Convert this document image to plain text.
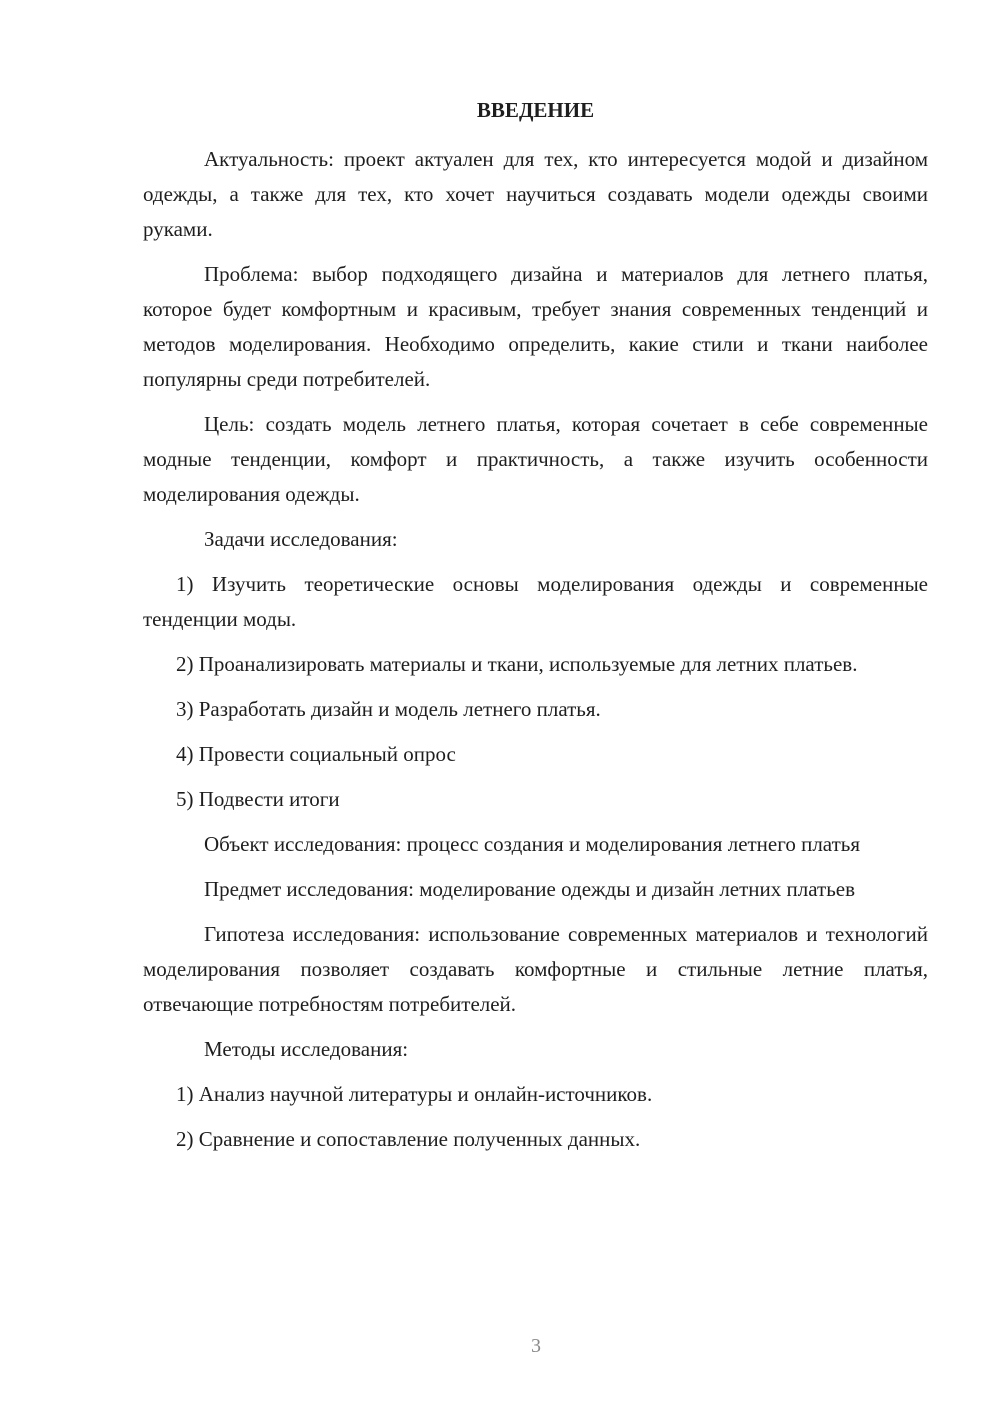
ВВЕДЕНИЕ

Актуальность: проект актуален для тех, кто интересуется модой и дизайном одежды, а также для тех, кто хочет научиться создавать модели одежды своими руками.

Проблема: выбор подходящего дизайна и материалов для летнего платья, которое будет комфортным и красивым, требует знания современных тенденций и методов моделирования. Необходимо определить, какие стили и ткани наиболее популярны среди потребителей.

Цель: создать модель летнего платья, которая сочетает в себе современные модные тенденции, комфорт и практичность, а также изучить особенности моделирования одежды.

Задачи исследования:

1) Изучить теоретические основы моделирования одежды и современные тенденции моды.

2) Проанализировать материалы и ткани, используемые для летних платьев.

3) Разработать дизайн и модель летнего платья.

4) Провести социальный опрос

5) Подвести итоги

Объект исследования: процесс создания и моделирования летнего платья

Предмет исследования: моделирование одежды и дизайн летних платьев

Гипотеза исследования: использование современных материалов и технологий моделирования позволяет создавать комфортные и стильные летние платья, отвечающие потребностям потребителей.

Методы исследования:

1) Анализ научной литературы и онлайн-источников.

2) Сравнение и сопоставление полученных данных.

3
